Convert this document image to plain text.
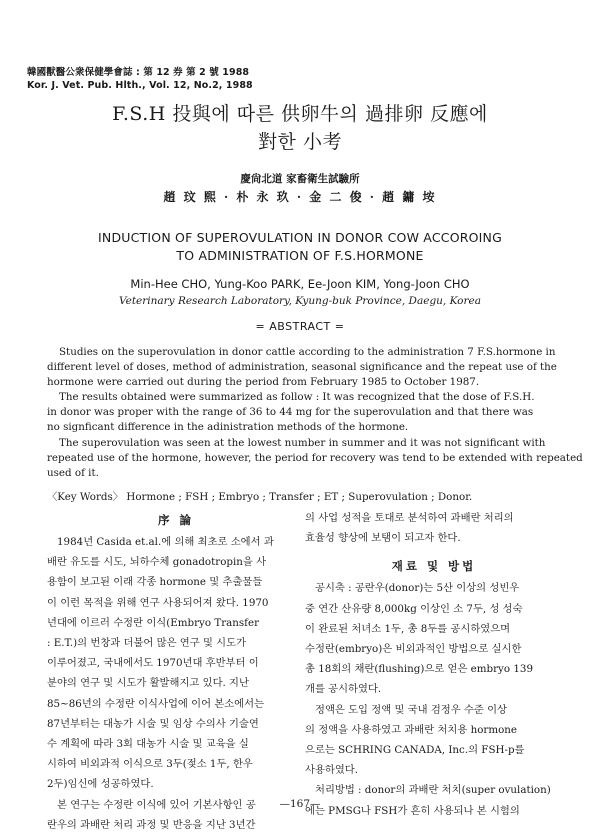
韓國獸醫公衆保健學會誌 : 第 12 券 第 2 號 1988
Kor. J. Vet. Pub. Hlth., Vol. 12, No.2, 1988
F.S.H 投與에 따른 供卵牛의 過排卵 反應에
對한 小考
慶尙北道 家畜衛生試驗所
趙 玟 熙 · 朴 永 玖 · 金 二 俊 · 趙 鏞 垵
INDUCTION OF SUPEROVULATION IN DONOR COW ACCOROING
TO ADMINISTRATION OF F.S.HORMONE
Min-Hee CHO, Yung-Koo PARK, Ee-Joon KIM, Yong-Joon CHO
Veterinary Research Laboratory, Kyung-buk Province, Daegu, Korea
= ABSTRACT =

Studies on the superovulation in donor cattle according to the administration 7 F.S.hormone in
different level of doses, method of administration, seasonal significance and the repeat use of the
hormone were carried out during the period from February 1985 to October 1987.

The results obtained were summarized as follow : It was recognized that the dose of F.S.H.
in donor was proper with the range of 36 to 44 mg for the superovulation and that there was
no signficant difference in the adinistration methods of the hormone.

The superovulation was seen at the lowest number in summer and it was not significant with
repeated use of the hormone, however, the period for recovery was tend to be extended with repeated
used of it.

〈Key Words〉 Hormone ; FSH ; Embryo ; Transfer ; ET ; Superovulation ; Donor.
序 論
1984년 Casida et.al.에 의해 최초로 소에서 과
배란 유도를 시도, 뇌하수체 gonadotropin을 사
용함이 보고된 이래 각종 hormone 및 추출물들
이 이런 목적을 위해 연구 사용되어져 왔다. 1970
년대에 이르러 수정란 이식(Embryo Transfer
: E.T.)의 번창과 더불어 많은 연구 및 시도가
이루어졌고, 국내에서도 1970년대 후반부터 이
분야의 연구 및 시도가 활발해지고 있다. 지난
85~86년의 수정란 이식사업에 이어 본소에서는
87년부터는 대농가 시술 및 임상 수의사 기술연
수 계획에 따라 3회 대농가 시술 및 교육을 실
시하여 비외과적 이식으로 3두(젖소 1두, 한우
2두)임신에 성공하였다.
본 연구는 수정란 이식에 있어 기본사항인 공
란우의 과배란 처리 과정 및 반응을 지난 3년간
의 사업 성적을 토대로 분석하여 과배란 처리의
효율성 향상에 보탬이 되고자 한다.
재료 및 방법
공시축 : 공란우(donor)는 5산 이상의 성빈우
중 연간 산유량 8,000kg 이상인 소 7두, 성 성숙
이 완료된 처녀소 1두, 총 8두를 공시하였으며
수정란(embryo)은 비외과적인 방법으로 실시한
총 18회의 채란(flushing)으로 얻은 embryo 139
개를 공시하였다.
정액은 도입 정액 및 국내 검정우 수준 이상
의 정액을 사용하였고 과배란 처치용 hormone
으로는 SCHRING CANADA, Inc.의 FSH-p를
사용하였다.
처리방법 : donor의 과배란 처치(super ovulation)
에는 PMSG나 FSH가 흔히 사용되나 본 시험의
—167—
